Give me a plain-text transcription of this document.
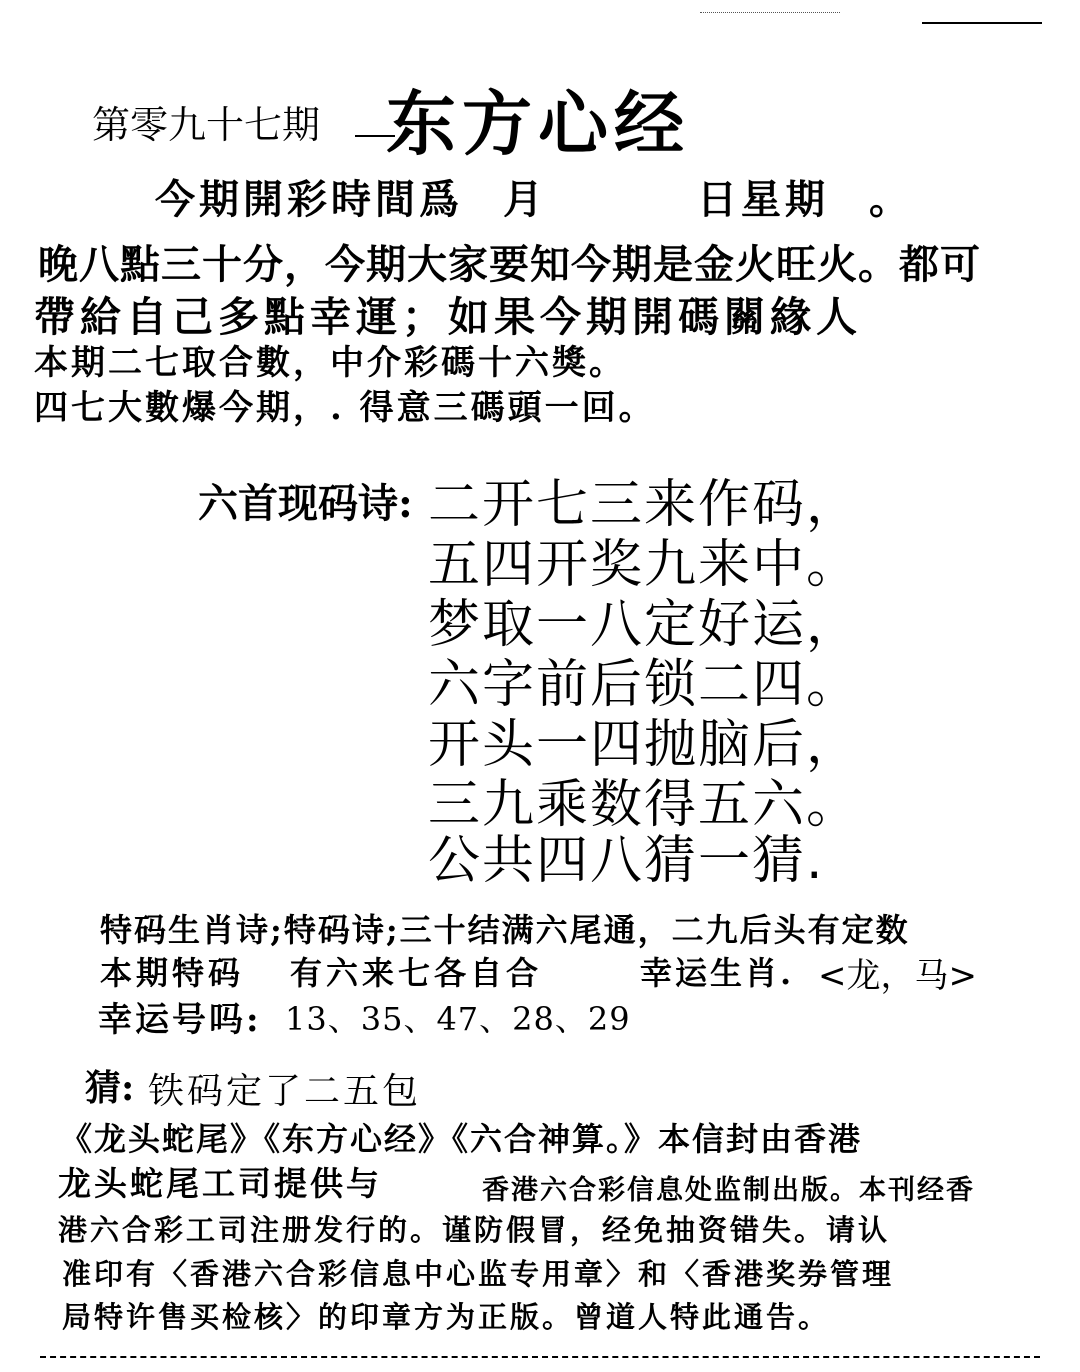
第零九十七期 东方心经
今期開彩時間爲 月	日星期 。
晚八點三十分，今期大家要知今期是金火旺火。都可
帶給自己多點幸運；如果今期開碼關緣人
本期二七取合數，中介彩碼十六獎。
四七大數爆今期，. 得意三碼頭一回。
六首现码诗: 二开七三来作码，
五四开奖九来中。
梦取一八定好运，
六字前后锁二四。
开头一四抛脑后，
三九乘数得五六。
公共四八猜一猜.
特码生肖诗;特码诗;三十结满六尾通，二九后头有定数
本期特码 有六来七各自合	幸运生肖. <龙，马>
幸运号吗: 13、35、47、28、29
猜: 铁码定了二五包
《龙头蛇尾》《东方心经》《六合神算。》本信封由香港
龙头蛇尾工司提供与	香港六合彩信息处监制出版。本刊经香
港六合彩工司注册发行的。谨防假冒，经免抽资错失。请认
准印有〈香港六合彩信息中心监专用章〉和〈香港奖券管理
局特许售买检核〉的印章方为正版。曾道人特此通告。
